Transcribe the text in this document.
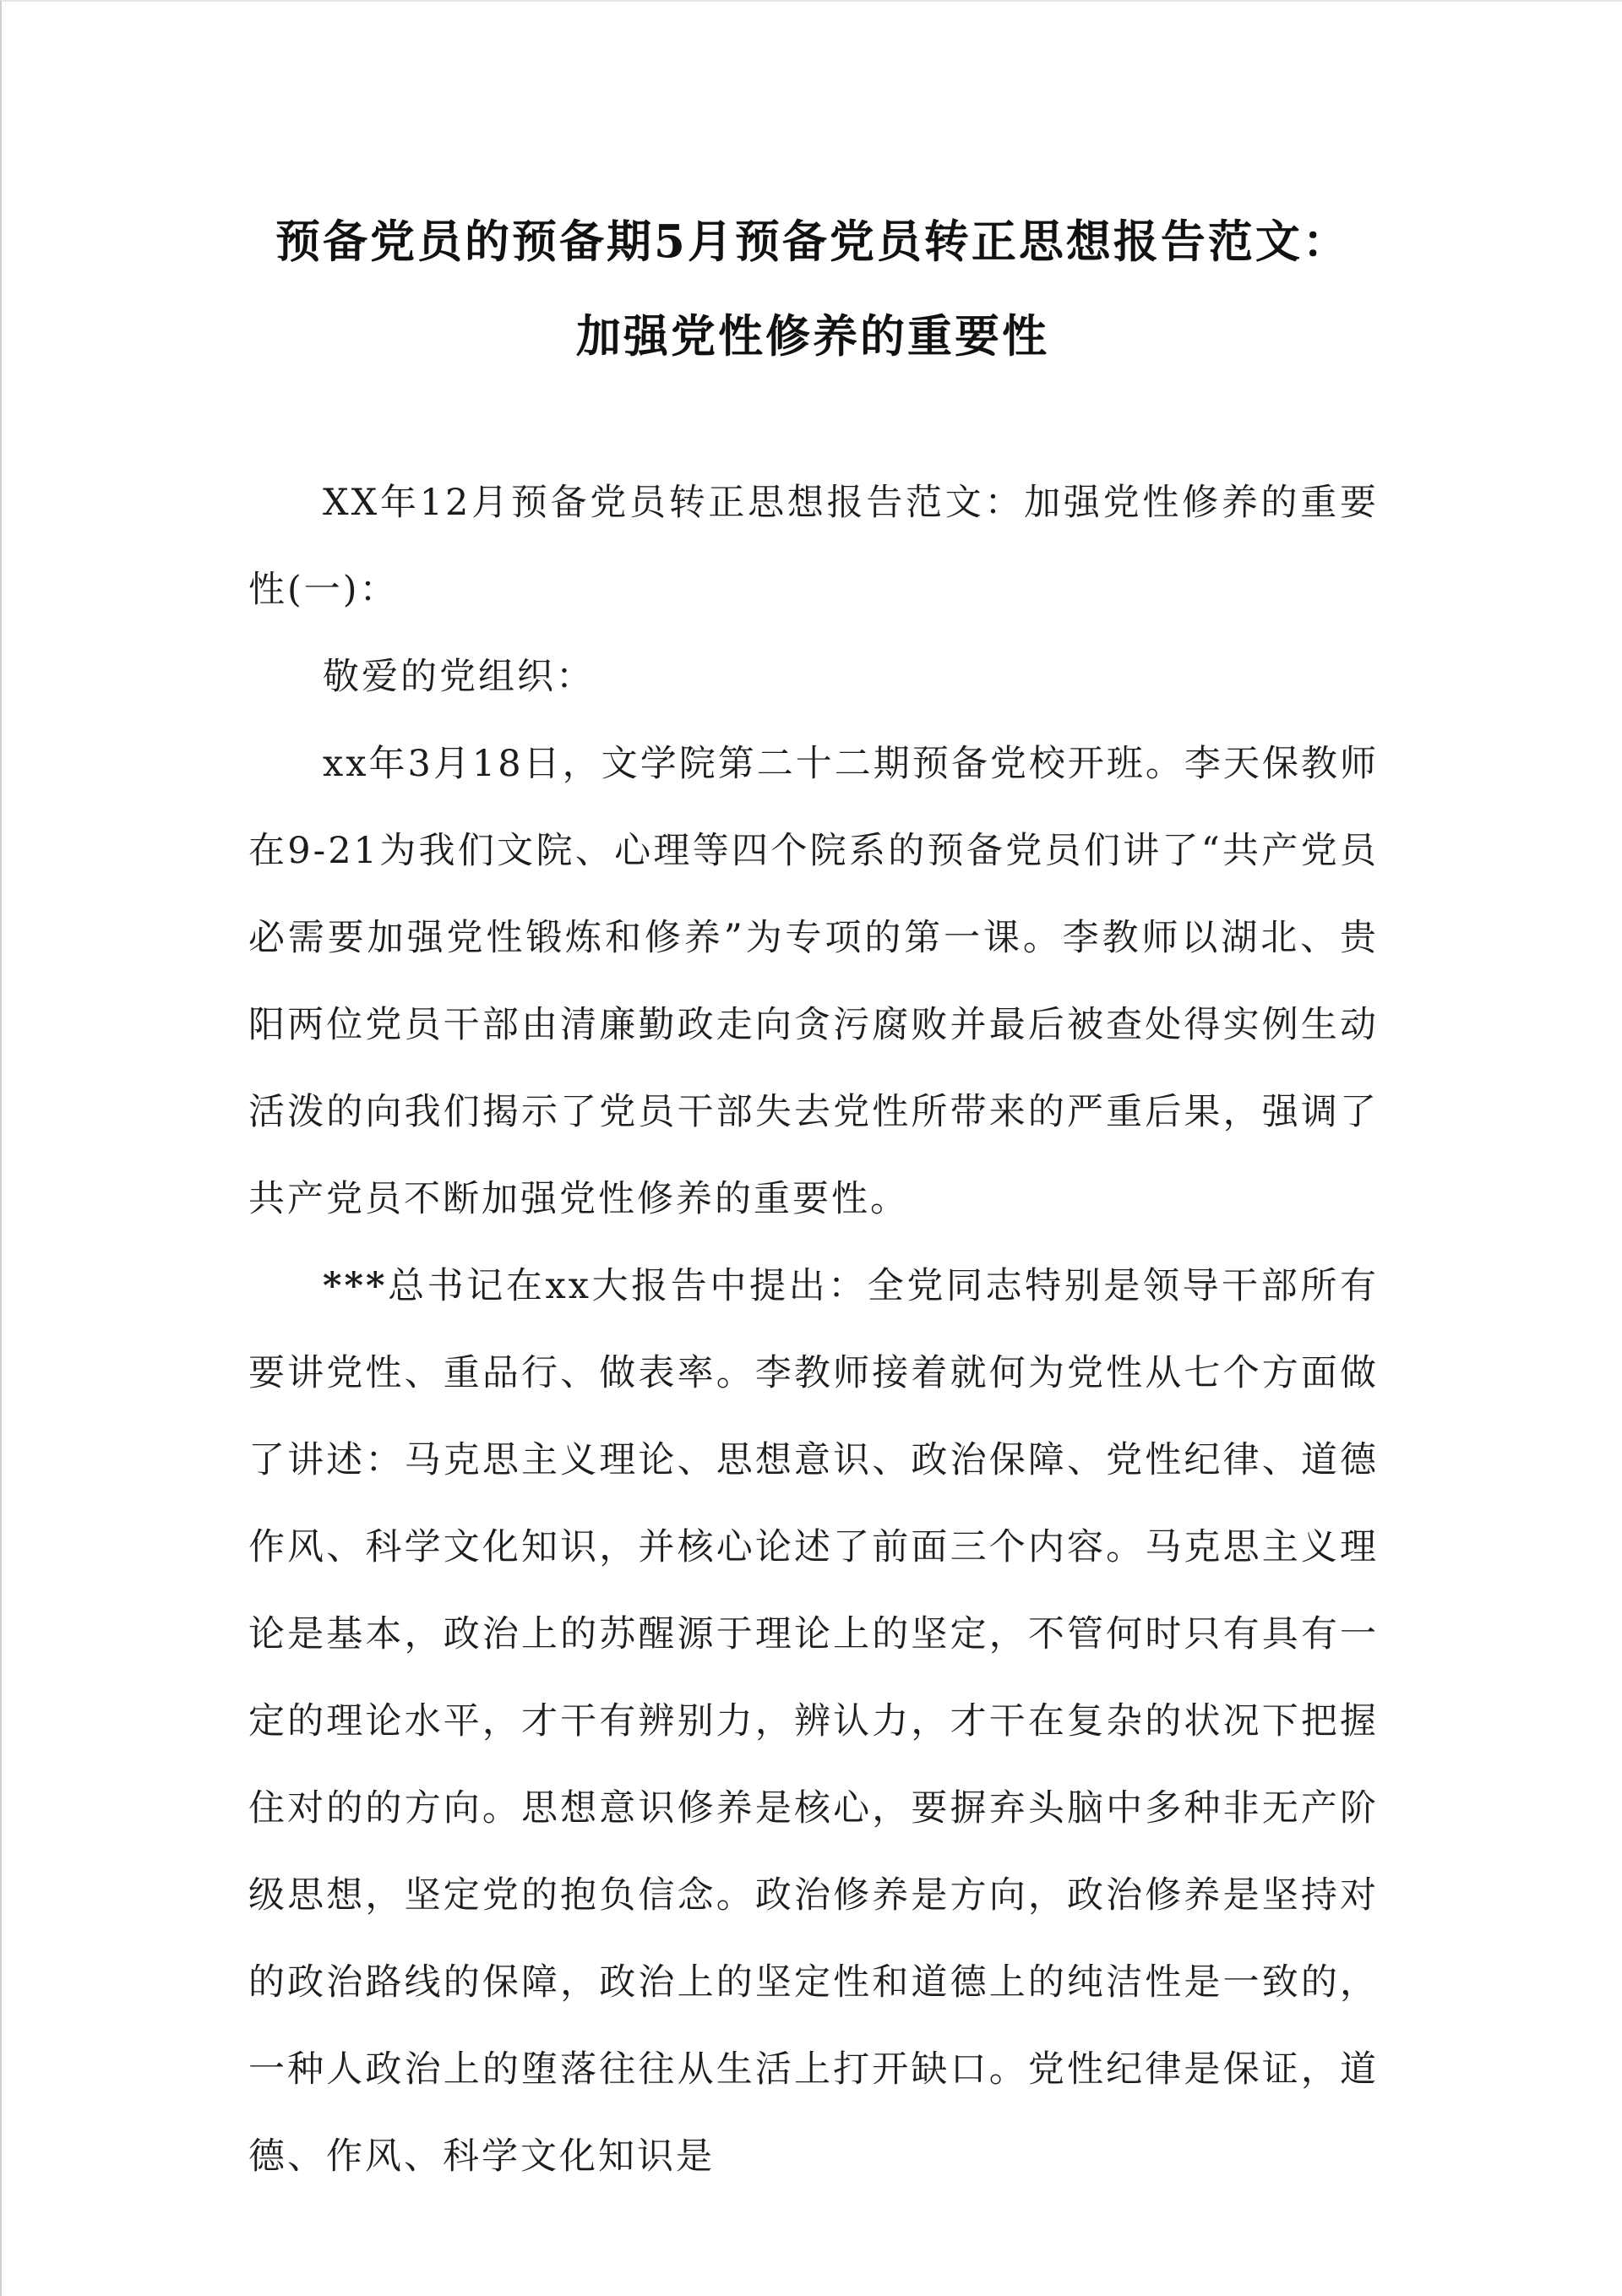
预备党员的预备期5月预备党员转正思想报告范文：
加强党性修养的重要性

XX年12月预备党员转正思想报告范文：加强党性修养的重要性(一)：

敬爱的党组织：

xx年3月18日，文学院第二十二期预备党校开班。李天保教师在9-21为我们文院、心理等四个院系的预备党员们讲了“共产党员必需要加强党性锻炼和修养”为专项的第一课。李教师以湖北、贵阳两位党员干部由清廉勤政走向贪污腐败并最后被查处得实例生动活泼的向我们揭示了党员干部失去党性所带来的严重后果，强调了共产党员不断加强党性修养的重要性。

***总书记在xx大报告中提出：全党同志特别是领导干部所有要讲党性、重品行、做表率。李教师接着就何为党性从七个方面做了讲述：马克思主义理论、思想意识、政治保障、党性纪律、道德作风、科学文化知识，并核心论述了前面三个内容。马克思主义理论是基本，政治上的苏醒源于理论上的坚定，不管何时只有具有一定的理论水平，才干有辨别力，辨认力，才干在复杂的状况下把握住对的的方向。思想意识修养是核心，要摒弃头脑中多种非无产阶级思想，坚定党的抱负信念。政治修养是方向，政治修养是坚持对的政治路线的保障，政治上的坚定性和道德上的纯洁性是一致的，一种人政治上的堕落往往从生活上打开缺口。党性纪律是保证，道德、作风、科学文化知识是
